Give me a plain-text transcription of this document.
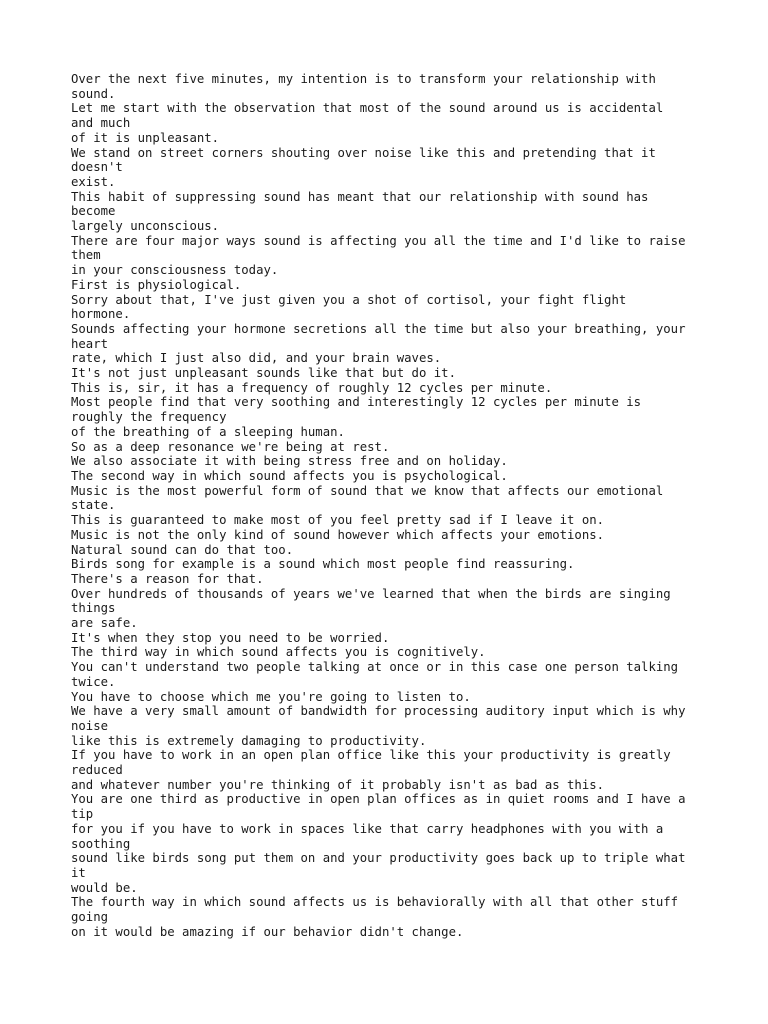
Over the next five minutes, my intention is to transform your relationship with

sound.

Let me start with the observation that most of the sound around us is accidental

and much

of it is unpleasant.

We stand on street corners shouting over noise like this and pretending that it

doesn't

exist.

This habit of suppressing sound has meant that our relationship with sound has

become

largely unconscious.

There are four major ways sound is affecting you all the time and I'd like to raise

them

in your consciousness today.

First is physiological.

Sorry about that, I've just given you a shot of cortisol, your fight flight

hormone.

Sounds affecting your hormone secretions all the time but also your breathing, your

heart

rate, which I just also did, and your brain waves.

It's not just unpleasant sounds like that but do it.

This is, sir, it has a frequency of roughly 12 cycles per minute.

Most people find that very soothing and interestingly 12 cycles per minute is

roughly the frequency

of the breathing of a sleeping human.

So as a deep resonance we're being at rest.

We also associate it with being stress free and on holiday.

The second way in which sound affects you is psychological.

Music is the most powerful form of sound that we know that affects our emotional

state.

This is guaranteed to make most of you feel pretty sad if I leave it on.

Music is not the only kind of sound however which affects your emotions.

Natural sound can do that too.

Birds song for example is a sound which most people find reassuring.

There's a reason for that.

Over hundreds of thousands of years we've learned that when the birds are singing

things

are safe.

It's when they stop you need to be worried.

The third way in which sound affects you is cognitively.

You can't understand two people talking at once or in this case one person talking

twice.

You have to choose which me you're going to listen to.

We have a very small amount of bandwidth for processing auditory input which is why

noise

like this is extremely damaging to productivity.

If you have to work in an open plan office like this your productivity is greatly

reduced

and whatever number you're thinking of it probably isn't as bad as this.

You are one third as productive in open plan offices as in quiet rooms and I have a

tip

for you if you have to work in spaces like that carry headphones with you with a

soothing

sound like birds song put them on and your productivity goes back up to triple what

it

would be.

The fourth way in which sound affects us is behaviorally with all that other stuff

going

on it would be amazing if our behavior didn't change.
